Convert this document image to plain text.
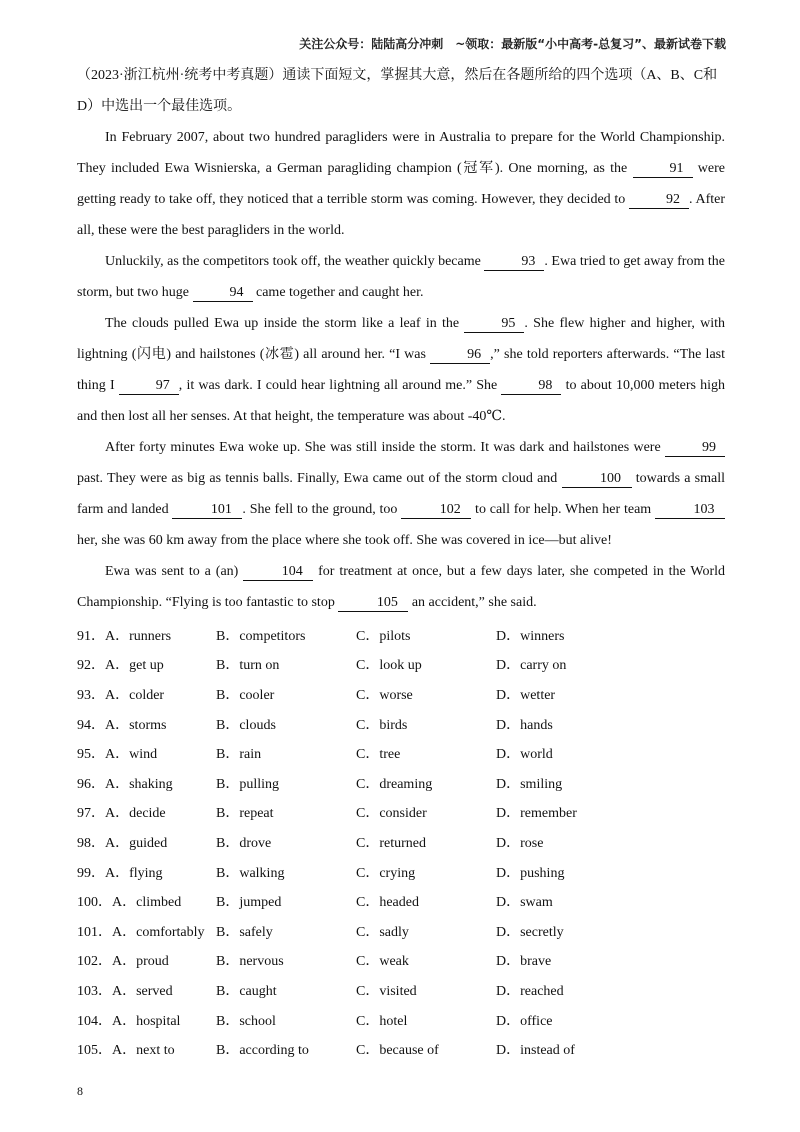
关注公众号：陆陆高分冲刺　~领取：最新版“小中高考-总复习”、最新试卷下载

（2023·浙江杭州·统考中考真题）通读下面短文，掌握其大意，然后在各题所给的四个选项（A、B、C和D）中选出一个最佳选项。

In February 2007, about two hundred paragliders were in Australia to prepare for the World Championship. They included Ewa Wisnierska, a German paragliding champion (冠军). One morning, as the	91 were getting ready to take off, they noticed that a terrible storm was coming. However, they decided to	92 . After all, these were the best paragliders in the world.

Unluckily, as the competitors took off, the weather quickly became	93 . Ewa tried to get away from the storm, but two huge	94 came together and caught her.

The clouds pulled Ewa up inside the storm like a leaf in the	95 . She flew higher and higher, with lightning (闪电) and hailstones (冰雹) all around her. “I was	96 ,” she told reporters afterwards. “The last thing I	97 , it was dark. I could hear lightning all around me.” She	98 to about 10,000 meters high and then lost all her senses. At that height, the temperature was about -40℃.

After forty minutes Ewa woke up. She was still inside the storm. It was dark and hailstones were	99 past. They were as big as tennis balls. Finally, Ewa came out of the storm cloud and	100 towards a small farm and landed	101 . She fell to the ground, too	102 to call for help. When her team	103 her, she was 60 km away from the place where she took off. She was covered in ice—but alive!

Ewa was sent to a (an)	104 for treatment at once, but a few days later, she competed in the World Championship. “Flying is too fantastic to stop	105 an accident,” she said.

91．A．runners	B．competitors	C．pilots	D．winners
92．A．get up	B．turn on	C．look up	D．carry on
93．A．colder	B．cooler	C．worse	D．wetter
94．A．storms	B．clouds	C．birds	D．hands
95．A．wind	B．rain	C．tree	D．world
96．A．shaking	B．pulling	C．dreaming	D．smiling
97．A．decide	B．repeat	C．consider	D．remember
98．A．guided	B．drove	C．returned	D．rose
99．A．flying	B．walking	C．crying	D．pushing
100．A．climbed	B．jumped	C．headed	D．swam
101．A．comfortably B．safely	C．sadly	D．secretly
102．A．proud	B．nervous	C．weak	D．brave
103．A．served	B．caught	C．visited	D．reached
104．A．hospital	B．school	C．hotel	D．office
105．A．next to	B．according to	C．because of	D．instead of
8
